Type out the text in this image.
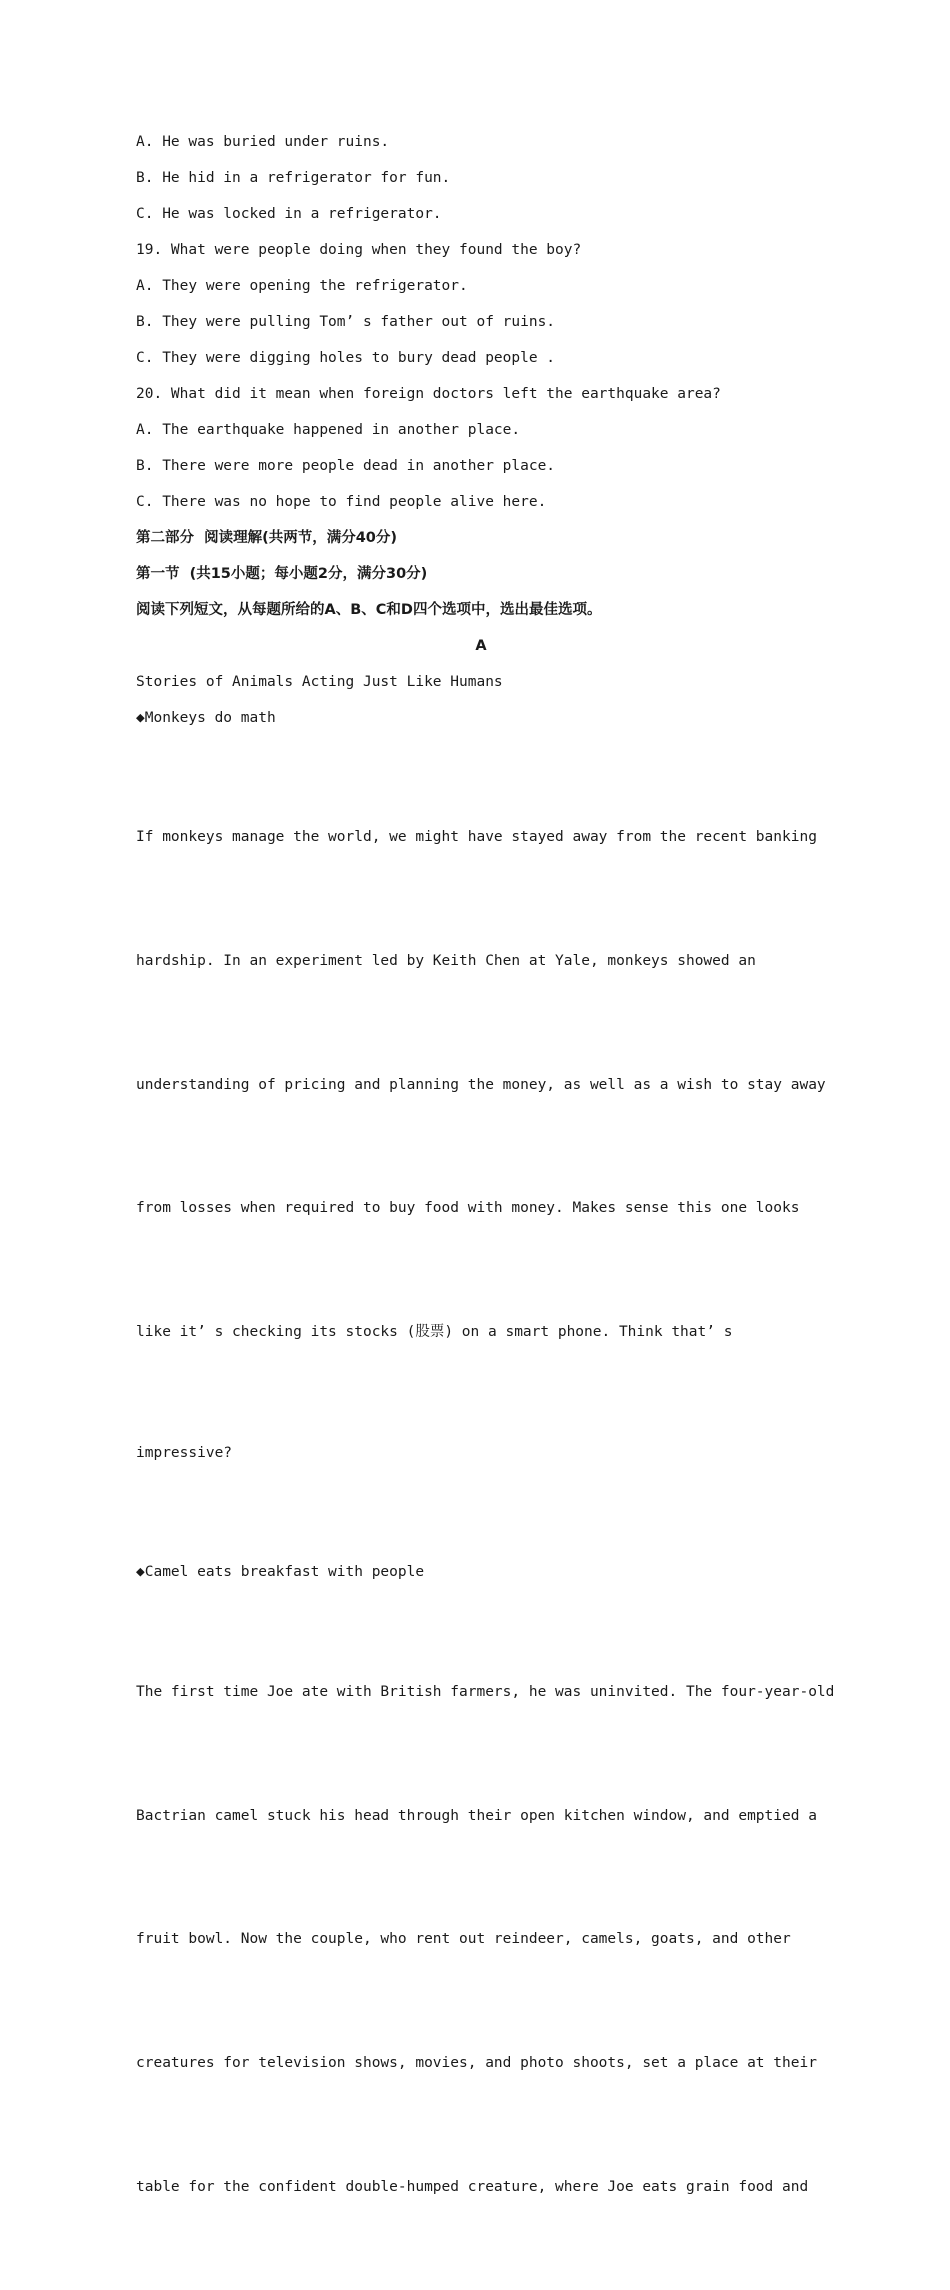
A. He was buried under ruins.
B. He hid in a refrigerator for fun.
C. He was locked in a refrigerator.
19. What were people doing when they found the boy?
A. They were opening the refrigerator.
B. They were pulling Tom’ s father out of ruins.
C. They were digging holes to bury dead people .
20. What did it mean when foreign doctors left the earthquake area?
A. The earthquake happened in another place.
B. There were more people dead in another place.
C. There was no hope to find people alive here.
第二部分  阅读理解(共两节，满分40分)
第一节  (共15小题；每小题2分，满分30分)
阅读下列短文，从每题所给的A、B、C和D四个选项中，选出最佳选项。
A
Stories of Animals Acting Just Like Humans
◆Monkeys do math

If monkeys manage the world, we might have stayed away from the recent banking

hardship. In an experiment led by Keith Chen at Yale, monkeys showed an

understanding of pricing and planning the money, as well as a wish to stay away

from losses when required to buy food with money. Makes sense this one looks

like it’ s checking its stocks (股票) on a smart phone. Think that’ s

impressive?

◆Camel eats breakfast with people

The first time Joe ate with British farmers, he was uninvited. The four-year-old

Bactrian camel stuck his head through their open kitchen window, and emptied a

fruit bowl. Now the couple, who rent out reindeer, camels, goats, and other

creatures for television shows, movies, and photo shoots, set a place at their

table for the confident double-humped creature, where Joe eats grain food and
